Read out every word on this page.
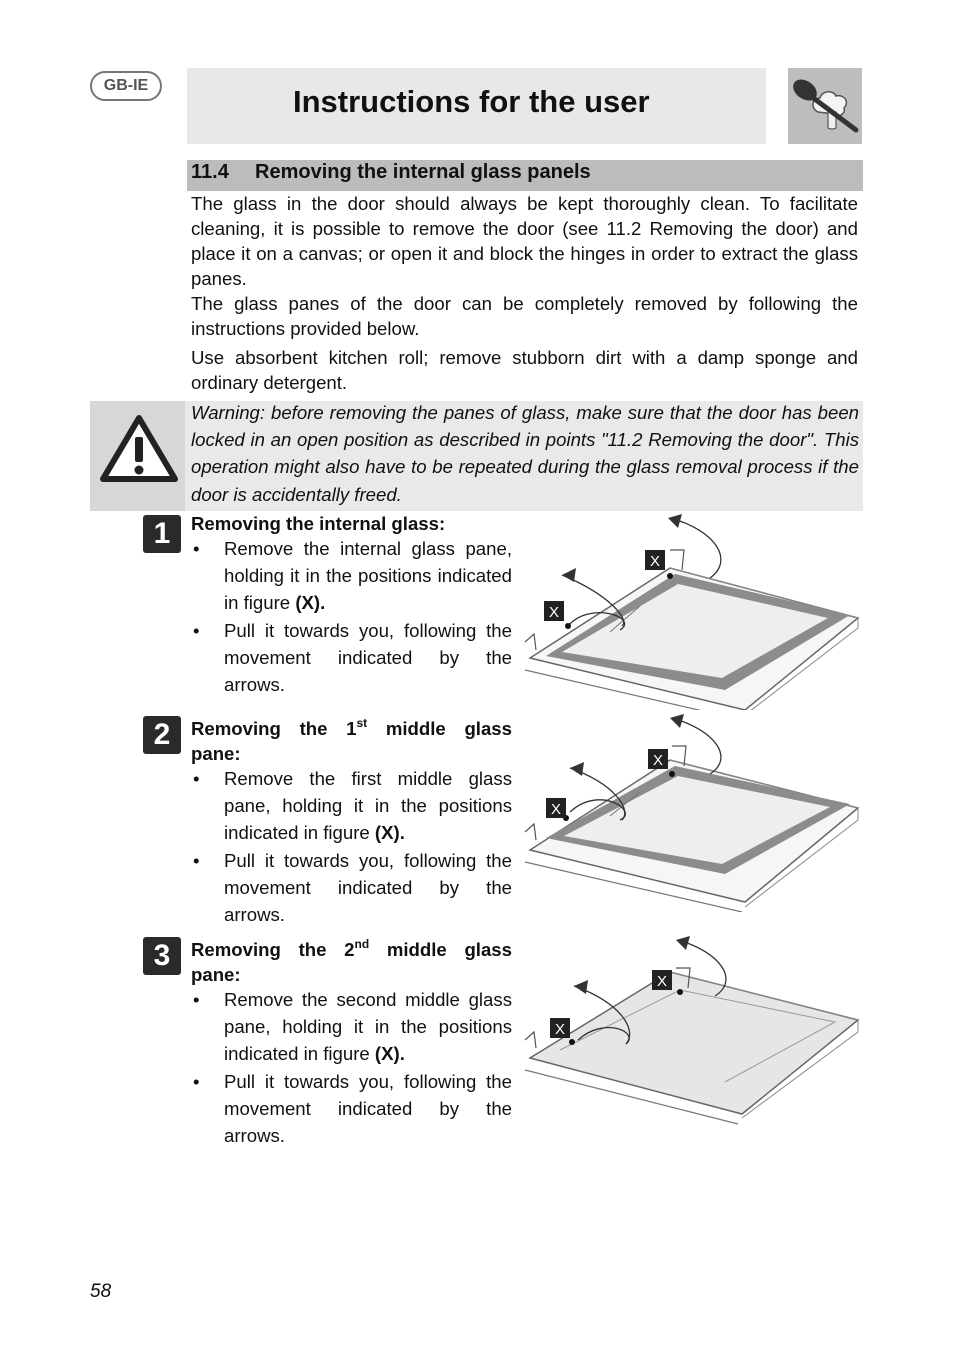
GB-IE	Instructions for the user
11.4 Removing the internal glass panels

The glass in the door should always be kept thoroughly clean. To facilitate cleaning, it is possible to remove the door (see 11.2 Removing the door) and place it on a canvas; or open it and block the hinges in order to extract the glass panes.

The glass panes of the door can be completely removed by following the instructions provided below.

Use absorbent kitchen roll; remove stubborn dirt with a damp sponge and ordinary detergent.

Warning: before removing the panes of glass, make sure that the door has been locked in an open position as described in points "11.2 Removing the door". This operation might also have to be repeated during the glass removal process if the door is accidentally freed.

1	Removing the internal glass:

• Remove the internal glass pane, holding it in the positions indicated in figure (X).
• Pull it towards you, following the movement indicated by the arrows.
2	Removing the 1st middle glass pane:

• Remove the first middle glass pane, holding it in the positions indicated in figure (X).
• Pull it towards you, following the movement indicated by the arrows.
3	Removing the 2nd middle glass pane:

• Remove the second middle glass pane, holding it in the positions indicated in figure (X).
• Pull it towards you, following the movement indicated by the arrows.
X
X
X
X
X
X
58
